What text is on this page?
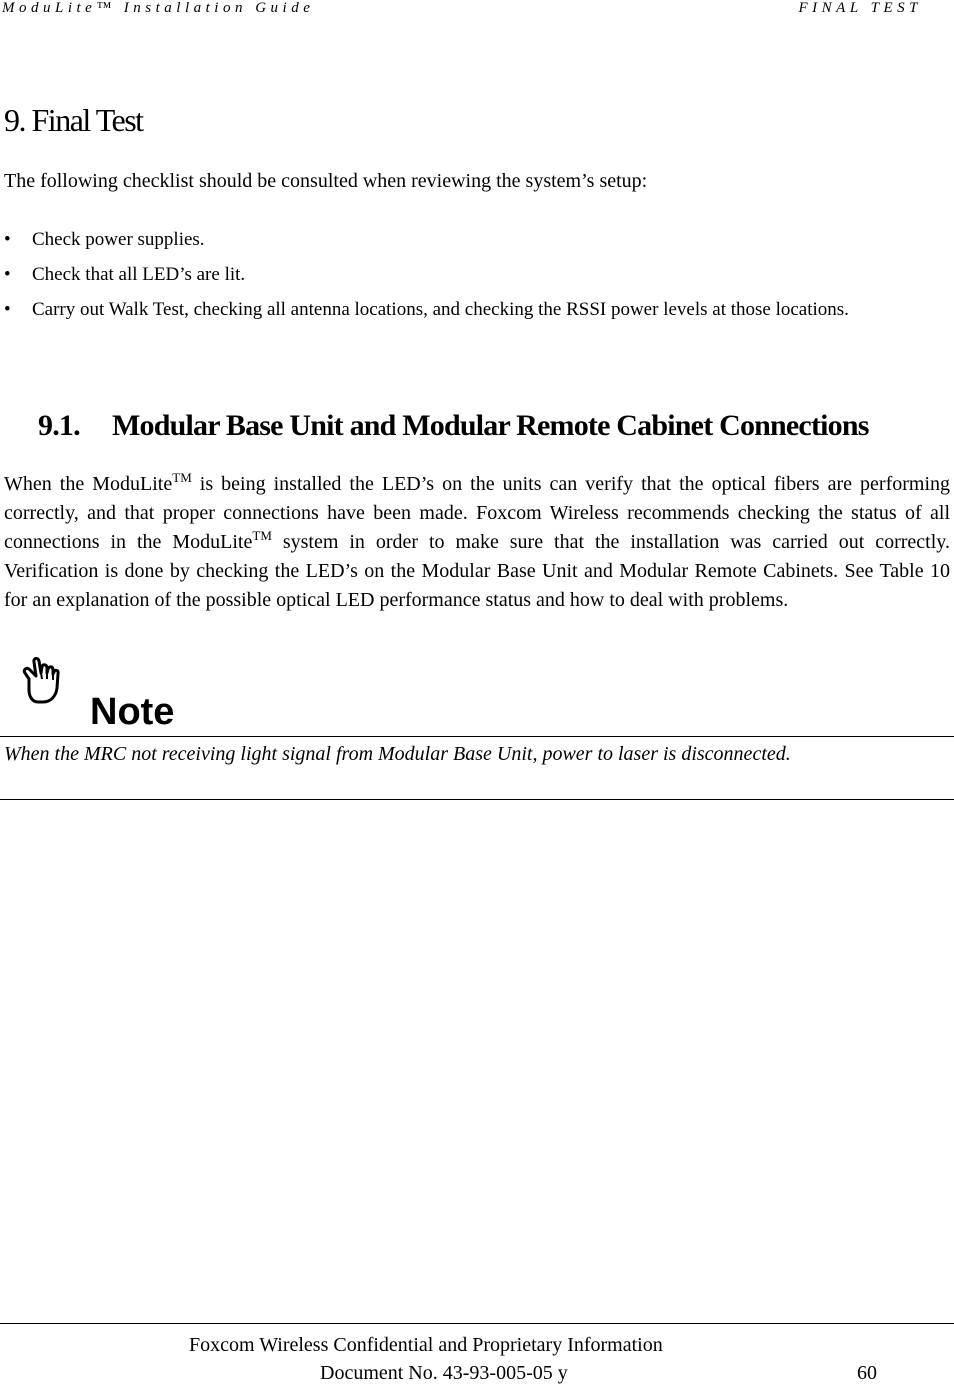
ModuLite™ Installation Guide	FINAL TEST
9. Final Test

The following checklist should be consulted when reviewing the system’s setup:

• Check power supplies.
• Check that all LED’s are lit.
• Carry out Walk Test, checking all antenna locations, and checking the RSSI power levels at those locations.
9.1. Modular Base Unit and Modular Remote Cabinet Connections

When the ModuLite™ is being installed the LED’s on the units can verify that the optical fibers are performing correctly, and that proper connections have been made. Foxcom Wireless recommends checking the status of all connections in the ModuLite™ system in order to make sure that the installation was carried out correctly. Verification is done by checking the LED’s on the Modular Base Unit and Modular Remote Cabinets. See Table 10 for an explanation of the possible optical LED performance status and how to deal with problems.

Note

When the MRC not receiving light signal from Modular Base Unit, power to laser is disconnected.

Foxcom Wireless Confidential and Proprietary Information
Document No. 43-93-005-05 y	60
